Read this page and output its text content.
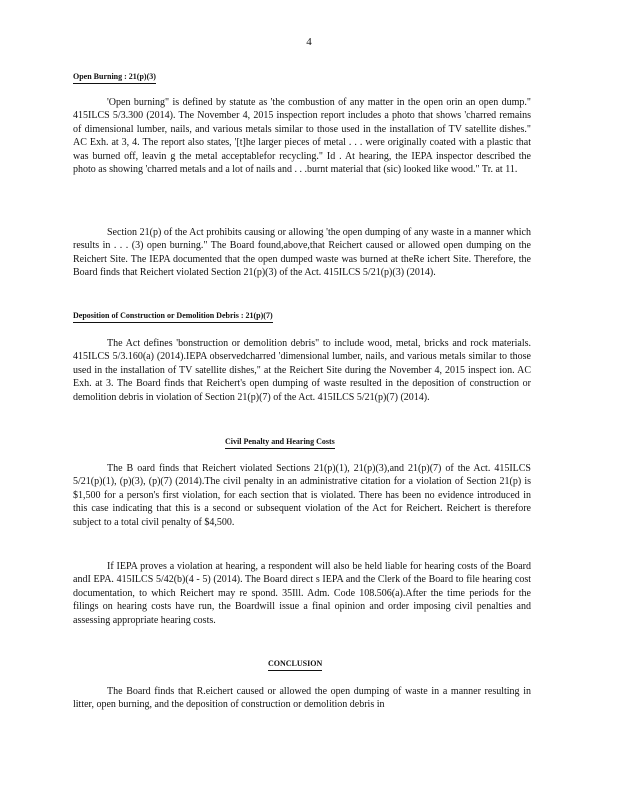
4
Open Burning : 21(p)(3)

'Open burning" is defined by statute as 'the combustion of any matter in the open orin an open dump." 415ILCS 5/3.300 (2014). The November 4, 2015 inspection report includes a photo that shows 'charred remains of dimensional lumber, nails, and various metals similar to those used in the installation of TV satellite dishes." AC Exh. at 3, 4. The report also states, '[t]he larger pieces of metal . . . were originally coated with a plastic that was burned off, leavin g the metal acceptablefor recycling." Id . At hearing, the IEPA inspector described the photo as showing 'charred metals and a lot of nails and . . .burnt material that (sic) looked like wood." Tr. at 11.

Section 21(p) of the Act prohibits causing or allowing 'the open dumping of any waste in a manner which results in . . . (3) open burning." The Board found,above,that Reichert caused or allowed open dumping on the Reichert Site. The IEPA documented that the open dumped waste was burned at theRe ichert Site. Therefore, the Board finds that Reichert violated Section 21(p)(3) of the Act. 415ILCS 5/21(p)(3) (2014).

Deposition of Construction or Demolition Debris : 21(p)(7)

The Act defines 'bonstruction or demolition debris" to include wood, metal, bricks and rock materials. 415ILCS 5/3.160(a) (2014).IEPA observedcharred 'dimensional lumber, nails, and various metals similar to those used in the installation of TV satellite dishes," at the Reichert Site during the November 4, 2015 inspect ion. AC Exh. at 3. The Board finds that Reichert's open dumping of waste resulted in the deposition of construction or demolition debris in violation of Section 21(p)(7) of the Act. 415ILCS 5/21(p)(7) (2014).

Civil Penalty and Hearing Costs

The B oard finds that Reichert violated Sections 21(p)(1), 21(p)(3),and 21(p)(7) of the Act. 415ILCS 5/21(p)(1), (p)(3), (p)(7) (2014).The civil penalty in an administrative citation for a violation of Section 21(p) is $1,500 for a person's first violation, for each section that is violated. There has been no evidence introduced in this case indicating that this is a second or subsequent violation of the Act for Reichert. Reichert is therefore subject to a total civil penalty of $4,500.

If IEPA proves a violation at hearing, a respondent will also be held liable for hearing costs of the Board andI EPA. 415ILCS 5/42(b)(4 - 5) (2014). The Board direct s IEPA and the Clerk of the Board to file hearing cost documentation, to which Reichert may re spond. 35Ill. Adm. Code 108.506(a).After the time periods for the filings on hearing costs have run, the Boardwill issue a final opinion and order imposing civil penalties and assessing appropriate hearing costs.

CONCLUSION

The Board finds that R.eichert caused or allowed the open dumping of waste in a manner resulting in litter, open burning, and the deposition of construction or demolition debris in
